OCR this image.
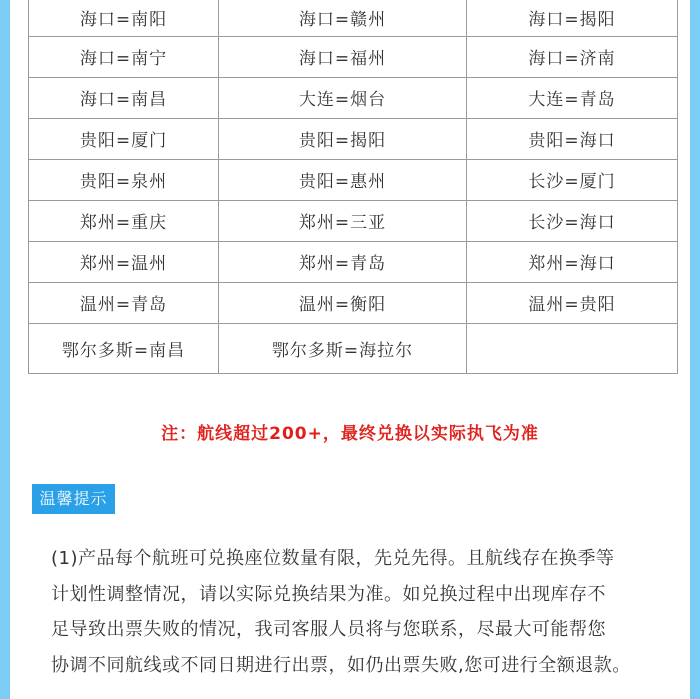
海口=南阳	海口=赣州	海口=揭阳
海口=南宁	海口=福州	海口=济南
海口=南昌	大连=烟台	大连=青岛
贵阳=厦门	贵阳=揭阳	贵阳=海口
贵阳=泉州	贵阳=惠州	长沙=厦门
郑州=重庆	郑州=三亚	长沙=海口
郑州=温州	郑州=青岛	郑州=海口
温州=青岛	温州=衡阳	温州=贵阳
鄂尔多斯=南昌	鄂尔多斯=海拉尔	
注：航线超过200+，最终兑换以实际执飞为准
温馨提示
(1)产品每个航班可兑换座位数量有限，先兑先得。且航线存在换季等
计划性调整情况，请以实际兑换结果为准。如兑换过程中出现库存不
足导致出票失败的情况，我司客服人员将与您联系，尽最大可能帮您
协调不同航线或不同日期进行出票，如仍出票失败,您可进行全额退款。
